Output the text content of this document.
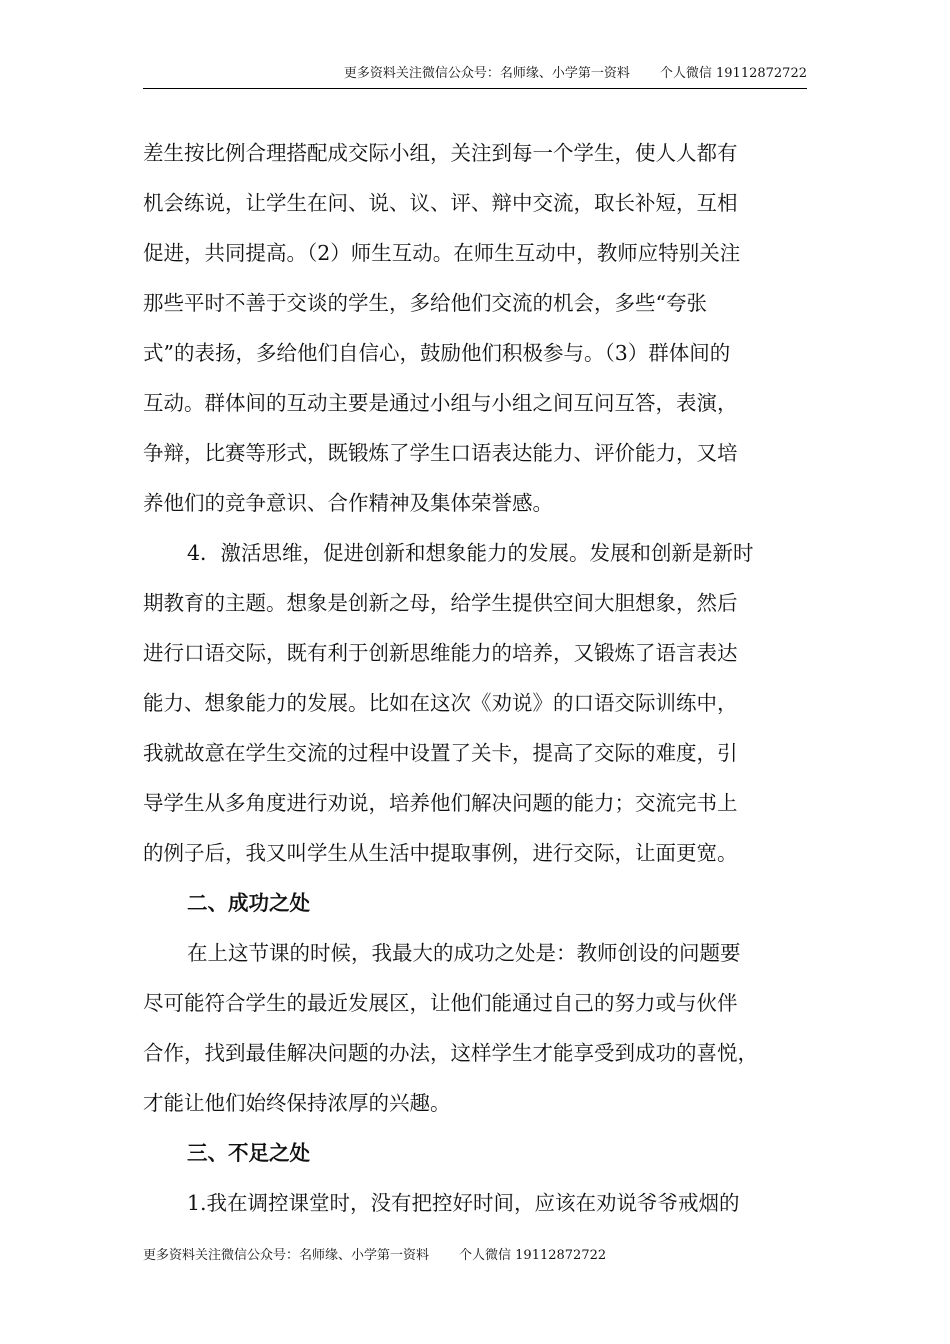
更多资料关注微信公众号：名师缘、小学第一资料 个人微信 19112872722
差生按比例合理搭配成交际小组，关注到每一个学生，使人人都有
机会练说，让学生在问、说、议、评、辩中交流，取长补短，互相
促进，共同提高。（2）师生互动。在师生互动中，教师应特别关注
那些平时不善于交谈的学生，多给他们交流的机会，多些“夸张
式”的表扬，多给他们自信心，鼓励他们积极参与。（3）群体间的
互动。群体间的互动主要是通过小组与小组之间互问互答，表演，
争辩，比赛等形式，既锻炼了学生口语表达能力、评价能力，又培
养他们的竞争意识、合作精神及集体荣誉感。
4．激活思维，促进创新和想象能力的发展。发展和创新是新时
期教育的主题。想象是创新之母，给学生提供空间大胆想象，然后
进行口语交际，既有利于创新思维能力的培养，又锻炼了语言表达
能力、想象能力的发展。比如在这次《劝说》的口语交际训练中，
我就故意在学生交流的过程中设置了关卡，提高了交际的难度，引
导学生从多角度进行劝说，培养他们解决问题的能力；交流完书上
的例子后，我又叫学生从生活中提取事例，进行交际，让面更宽。
二、成功之处
在上这节课的时候，我最大的成功之处是：教师创设的问题要
尽可能符合学生的最近发展区，让他们能通过自己的努力或与伙伴
合作，找到最佳解决问题的办法，这样学生才能享受到成功的喜悦，
才能让他们始终保持浓厚的兴趣。
三、不足之处
1.我在调控课堂时，没有把控好时间，应该在劝说爷爷戒烟的
更多资料关注微信公众号：名师缘、小学第一资料 个人微信 19112872722
